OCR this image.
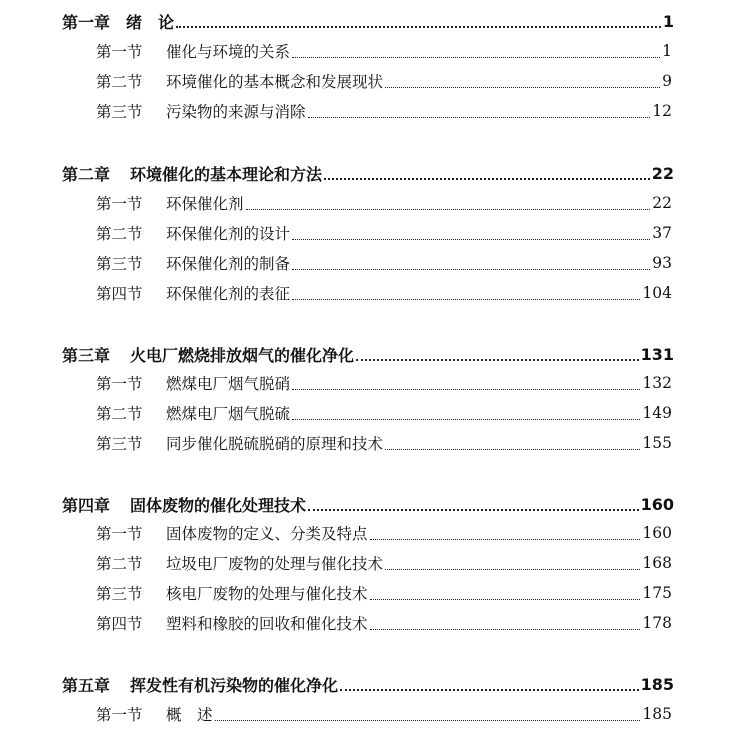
第一章　绪　论	1
第一节	催化与环境的关系	1
第二节	环境催化的基本概念和发展现状	9
第三节	污染物的来源与消除	12
第二章	环境催化的基本理论和方法	22
第一节	环保催化剂	22
第二节	环保催化剂的设计	37
第三节	环保催化剂的制备	93
第四节	环保催化剂的表征	104
第三章	火电厂燃烧排放烟气的催化净化	131
第一节	燃煤电厂烟气脱硝	132
第二节	燃煤电厂烟气脱硫	149
第三节	同步催化脱硫脱硝的原理和技术	155
第四章	固体废物的催化处理技术	160
第一节	固体废物的定义、分类及特点	160
第二节	垃圾电厂废物的处理与催化技术	168
第三节	核电厂废物的处理与催化技术	175
第四节	塑料和橡胶的回收和催化技术	178
第五章	挥发性有机污染物的催化净化	185
第一节	概　述	185
